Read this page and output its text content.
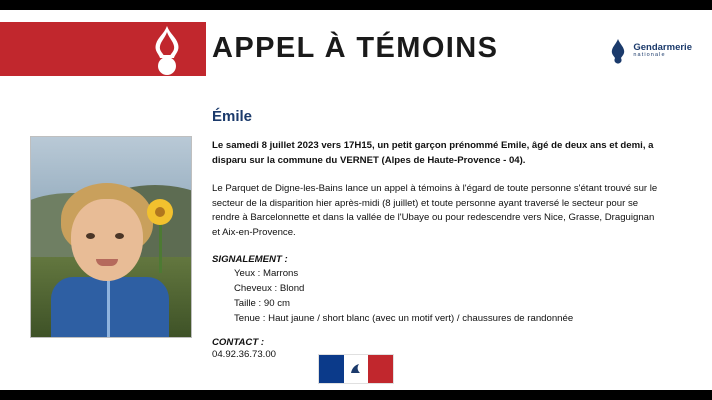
APPEL À TÉMOINS	Gendarmerie
nationale
Émile

Le samedi 8 juillet 2023 vers 17H15, un petit garçon prénommé Emile, âgé de deux ans et demi, a disparu sur la commune du VERNET (Alpes de Haute-Provence - 04).

Le Parquet de Digne-les-Bains lance un appel à témoins à l'égard de toute personne s'étant trouvé sur le secteur de la disparition hier après-midi (8 juillet) et toute personne ayant traversé le secteur pour se rendre à Barcelonnette et dans la vallée de l'Ubaye ou pour redescendre vers Nice, Grasse, Draguignan et Aix-en-Provence.

SIGNALEMENT :
Yeux : Marrons
Cheveux : Blond
Taille : 90 cm
Tenue : Haut jaune / short blanc (avec un motif vert) / chaussures de randonnée
CONTACT :

04.92.36.73.00
